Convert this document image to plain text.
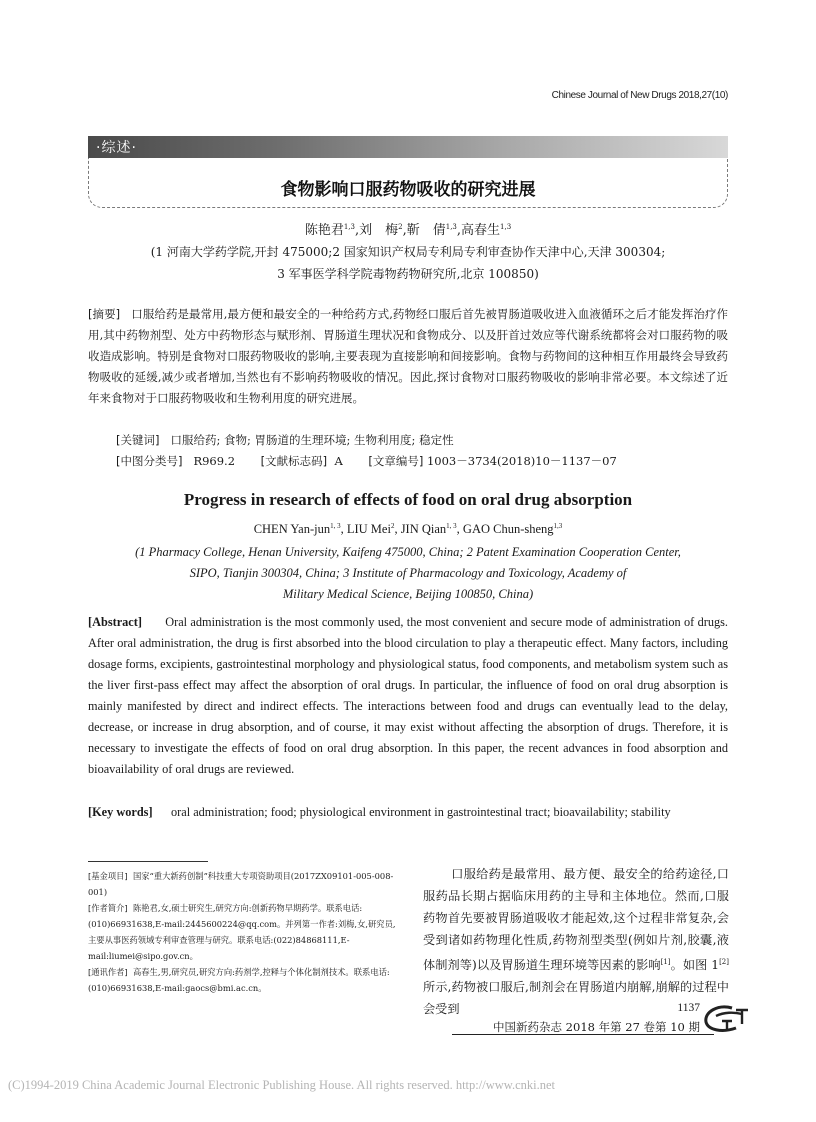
Chinese Journal of New Drugs 2018,27(10)
·综述·
食物影响口服药物吸收的研究进展
陈艳君$^{1,3}$,刘　梅$^2$,靳　倩$^{1,3}$,高春生$^{1,3}$
(1 河南大学药学院,开封 475000;2 国家知识产权局专利局专利审查协作天津中心,天津 300304;
3 军事医学科学院毒物药物研究所,北京 100850)

[摘要] 口服给药是最常用,最方便和最安全的一种给药方式,药物经口服后首先被胃肠道吸收进入血液循环之后才能发挥治疗作用,其中药物剂型、处方中药物形态与赋形剂、胃肠道生理状况和食物成分、以及肝首过效应等代谢系统都将会对口服药物的吸收造成影响。特别是食物对口服药物吸收的影响,主要表现为直接影响和间接影响。食物与药物间的这种相互作用最终会导致药物吸收的延缓,减少或者增加,当然也有不影响药物吸收的情况。因此,探讨食物对口服药物吸收的影响非常必要。本文综述了近年来食物对于口服药物吸收和生物利用度的研究进展。

[关键词] 口服给药; 食物; 胃肠道的生理环境; 生物利用度; 稳定性
[中图分类号] R969.2 [文献标志码] A [文章编号] 1003－3734(2018)10－1137－07
Progress in research of effects of food on oral drug absorption
CHEN Yan-jun$^{1, 3}$, LIU Mei$^2$, JIN Qian$^{1, 3}$, GAO Chun-sheng$^{1,3}$
(1 Pharmacy College, Henan University, Kaifeng 475000, China; 2 Patent Examination Cooperation Center,
SIPO, Tianjin 300304, China; 3 Institute of Pharmacology and Toxicology, Academy of
Military Medical Science, Beijing 100850, China)

[Abstract] Oral administration is the most commonly used, the most convenient and secure mode of administration of drugs. After oral administration, the drug is first absorbed into the blood circulation to play a therapeutic effect. Many factors, including dosage forms, excipients, gastrointestinal morphology and physiological status, food components, and metabolism system such as the liver first-pass effect may affect the absorption of oral drugs. In particular, the influence of food on oral drug absorption is mainly manifested by direct and indirect effects. The interactions between food and drugs can eventually lead to the delay, decrease, or increase in drug absorption, and of course, it may exist without affecting the absorption of drugs. Therefore, it is necessary to investigate the effects of food on oral drug absorption. In this paper, the recent advances in food absorption and bioavailability of oral drugs are reviewed.

[Key words] oral administration; food; physiological environment in gastrointestinal tract; bioavailability; stability

[基金项目] 国家“重大新药创制”科技重大专项资助项目(2017ZX09101-005-008-001)
[作者简介] 陈艳君,女,硕士研究生,研究方向:创新药物早期药学。联系电话:(010)66931638,E-mail:2445600224@qq.com。并列第一作者:刘梅,女,研究员,主要从事医药领域专利审查管理与研究。联系电话:(022)84868111,E-mail:liumei@sipo.gov.cn。
[通讯作者] 高春生,男,研究员,研究方向:药剂学,控释与个体化制剂技术。联系电话:(010)66931638,E-mail:gaocs@bmi.ac.cn。

口服给药是最常用、最方便、最安全的给药途径,口服药品长期占据临床用药的主导和主体地位。然而,口服药物首先要被胃肠道吸收才能起效,这个过程非常复杂,会受到诸如药物理化性质,药物剂型类型(例如片剂,胶囊,液体制剂等)以及胃肠道生理环境等因素的影响[1]。如图 1[2] 所示,药物被口服后,制剂会在胃肠道内崩解,崩解的过程中会受到	1137
中国新药杂志 2018 年第 27 卷第 10 期
(C)1994-2019 China Academic Journal Electronic Publishing House. All rights reserved. http://www.cnki.net
